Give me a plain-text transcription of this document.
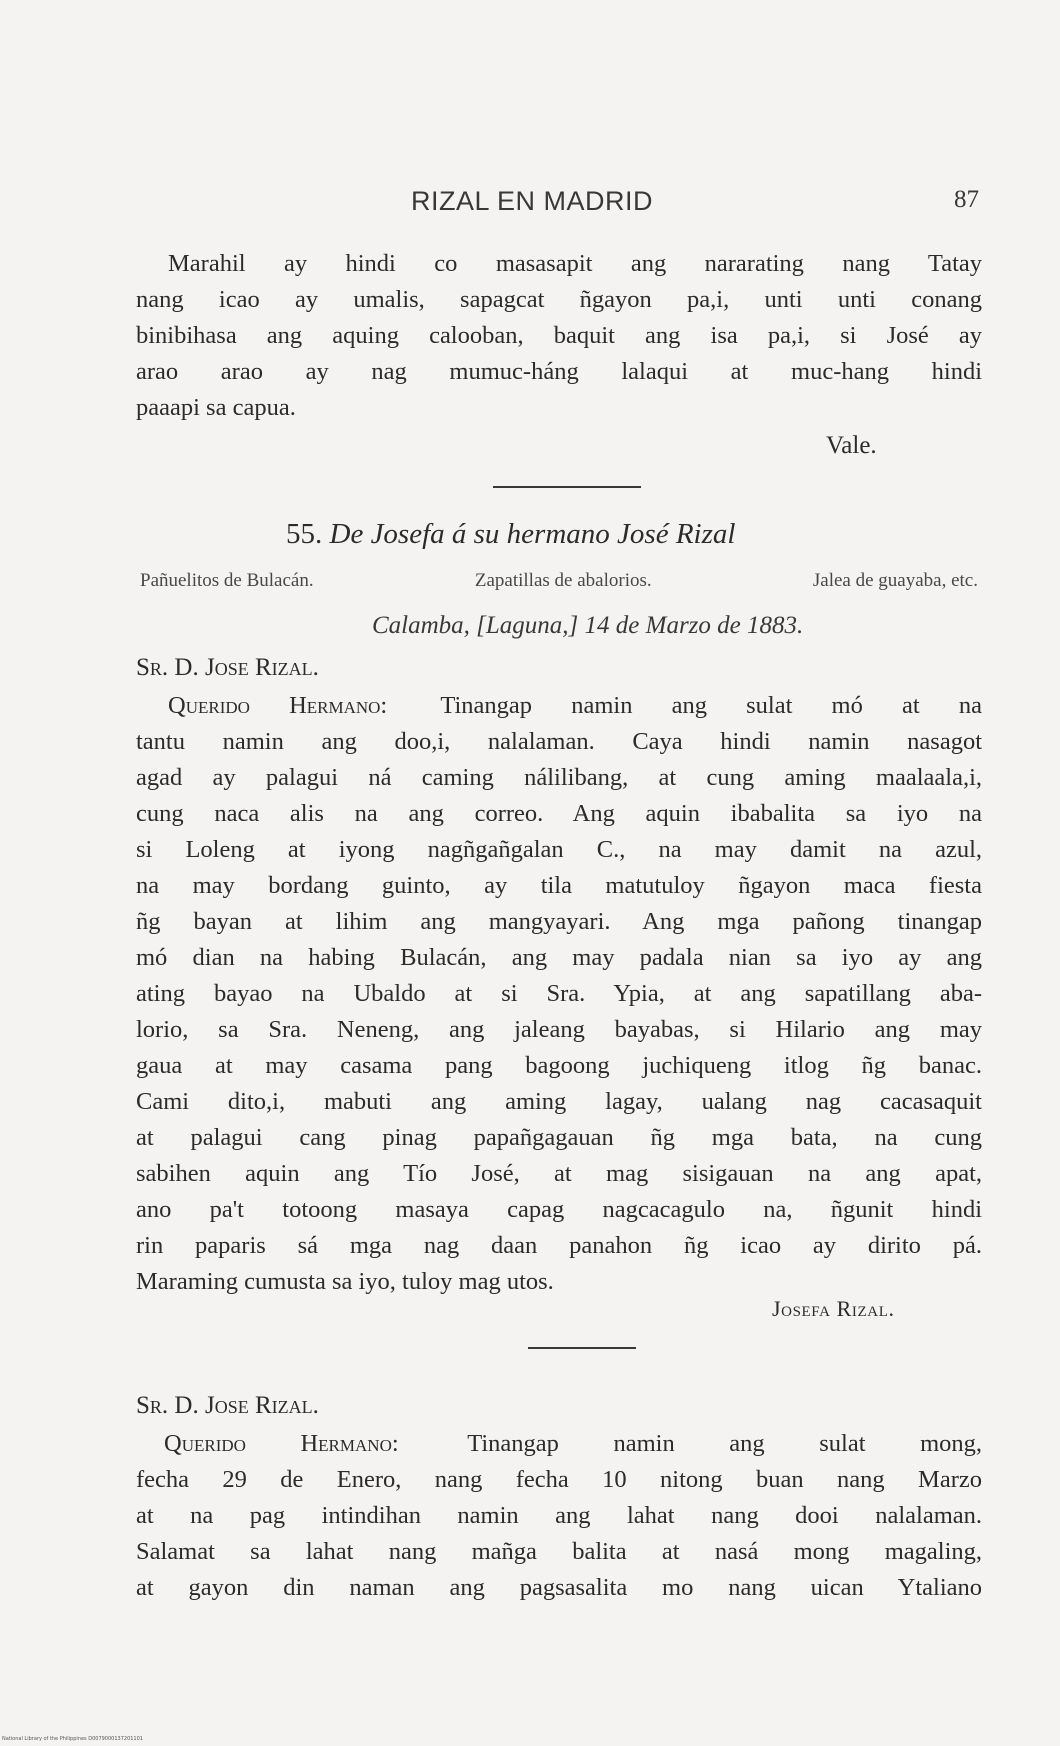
RIZAL EN MADRID	87
Marahil ay hindi co masasapit ang nararating nang Tatay
nang icao ay umalis, sapagcat ñgayon pa,i, unti unti conang
binibihasa ang aquing calooban, baquit ang isa pa,i, si José ay
arao arao ay nag mumuc-háng lalaqui at muc-hang hindi
paaapi sa capua.
Vale.
55. De Josefa á su hermano José Rizal
Pañuelitos de Bulacán.	Zapatillas de abalorios.	Jalea de guayaba, etc.
Calamba, [Laguna,] 14 de Marzo de 1883.
Sr. D. Jose Rizal.
Querido Hermano: Tinangap namin ang sulat mó at na
tantu namin ang doo,i, nalalaman. Caya hindi namin nasagot
agad ay palagui ná caming nálilibang, at cung aming maalaala,i,
cung naca alis na ang correo. Ang aquin ibabalita sa iyo na
si Loleng at iyong nagñgañgalan C., na may damit na azul,
na may bordang guinto, ay tila matutuloy ñgayon maca fiesta
ñg bayan at lihim ang mangyayari. Ang mga pañong tinangap
mó dian na habing Bulacán, ang may padala nian sa iyo ay ang
ating bayao na Ubaldo at si Sra. Ypia, at ang sapatillang aba-
lorio, sa Sra. Neneng, ang jaleang bayabas, si Hilario ang may
gaua at may casama pang bagoong juchiqueng itlog ñg banac.
Cami dito,i, mabuti ang aming lagay, ualang nag cacasaquit
at palagui cang pinag papañgagauan ñg mga bata, na cung
sabihen aquin ang Tío José, at mag sisigauan na ang apat,
ano pa't totoong masaya capag nagcacagulo na, ñgunit hindi
rin paparis sá mga nag daan panahon ñg icao ay dirito pá.
Maraming cumusta sa iyo, tuloy mag utos.
Josefa Rizal.
Sr. D. Jose Rizal.
Querido Hermano:	Tinangap namin ang sulat mong,
fecha 29 de Enero, nang fecha 10 nitong buan nang Marzo
at na pag intindihan namin ang lahat nang dooi nalalaman.
Salamat sa lahat nang mañga balita at nasá mong magaling,
at gayon din naman ang pagsasalita mo nang uican Ytaliano
National Library of the Philippines D0079000137201101
